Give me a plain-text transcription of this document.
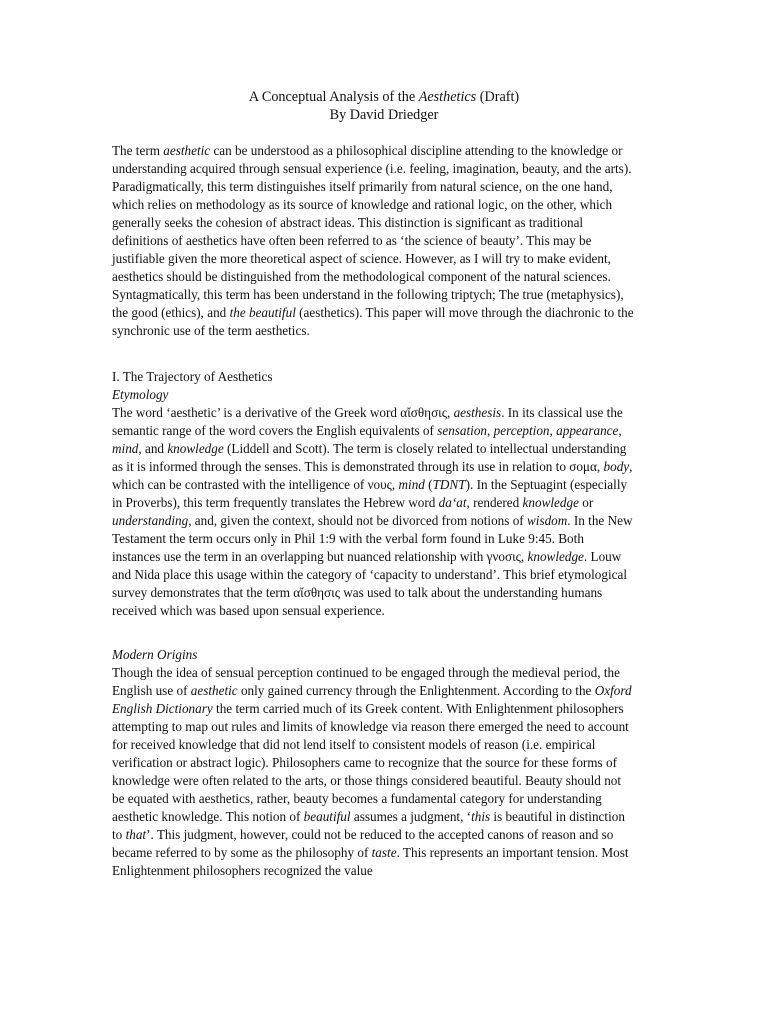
A Conceptual Analysis of the Aesthetics (Draft)
By David Driedger

The term aesthetic can be understood as a philosophical discipline attending to the knowledge or understanding acquired through sensual experience (i.e. feeling, imagination, beauty, and the arts). Paradigmatically, this term distinguishes itself primarily from natural science, on the one hand, which relies on methodology as its source of knowledge and rational logic, on the other, which generally seeks the cohesion of abstract ideas. This distinction is significant as traditional definitions of aesthetics have often been referred to as ‘the science of beauty’. This may be justifiable given the more theoretical aspect of science. However, as I will try to make evident, aesthetics should be distinguished from the methodological component of the natural sciences. Syntagmatically, this term has been understand in the following triptych; The true (metaphysics), the good (ethics), and the beautiful (aesthetics). This paper will move through the diachronic to the synchronic use of the term aesthetics.

I. The Trajectory of Aesthetics

Etymology

The word ‘aesthetic’ is a derivative of the Greek word αἴσθησις, aesthesis. In its classical use the semantic range of the word covers the English equivalents of sensation, perception, appearance, mind, and knowledge (Liddell and Scott). The term is closely related to intellectual understanding as it is informed through the senses. This is demonstrated through its use in relation to σομα, body, which can be contrasted with the intelligence of νους, mind (TDNT). In the Septuagint (especially in Proverbs), this term frequently translates the Hebrew word da‘at, rendered knowledge or understanding, and, given the context, should not be divorced from notions of wisdom. In the New Testament the term occurs only in Phil 1:9 with the verbal form found in Luke 9:45. Both instances use the term in an overlapping but nuanced relationship with γνοσις, knowledge. Louw and Nida place this usage within the category of ‘capacity to understand’. This brief etymological survey demonstrates that the term αἴσθησις was used to talk about the understanding humans received which was based upon sensual experience.

Modern Origins

Though the idea of sensual perception continued to be engaged through the medieval period, the English use of aesthetic only gained currency through the Enlightenment. According to the Oxford English Dictionary the term carried much of its Greek content. With Enlightenment philosophers attempting to map out rules and limits of knowledge via reason there emerged the need to account for received knowledge that did not lend itself to consistent models of reason (i.e. empirical verification or abstract logic). Philosophers came to recognize that the source for these forms of knowledge were often related to the arts, or those things considered beautiful. Beauty should not be equated with aesthetics, rather, beauty becomes a fundamental category for understanding aesthetic knowledge. This notion of beautiful assumes a judgment, ‘this is beautiful in distinction to that’. This judgment, however, could not be reduced to the accepted canons of reason and so became referred to by some as the philosophy of taste. This represents an important tension. Most Enlightenment philosophers recognized the value
